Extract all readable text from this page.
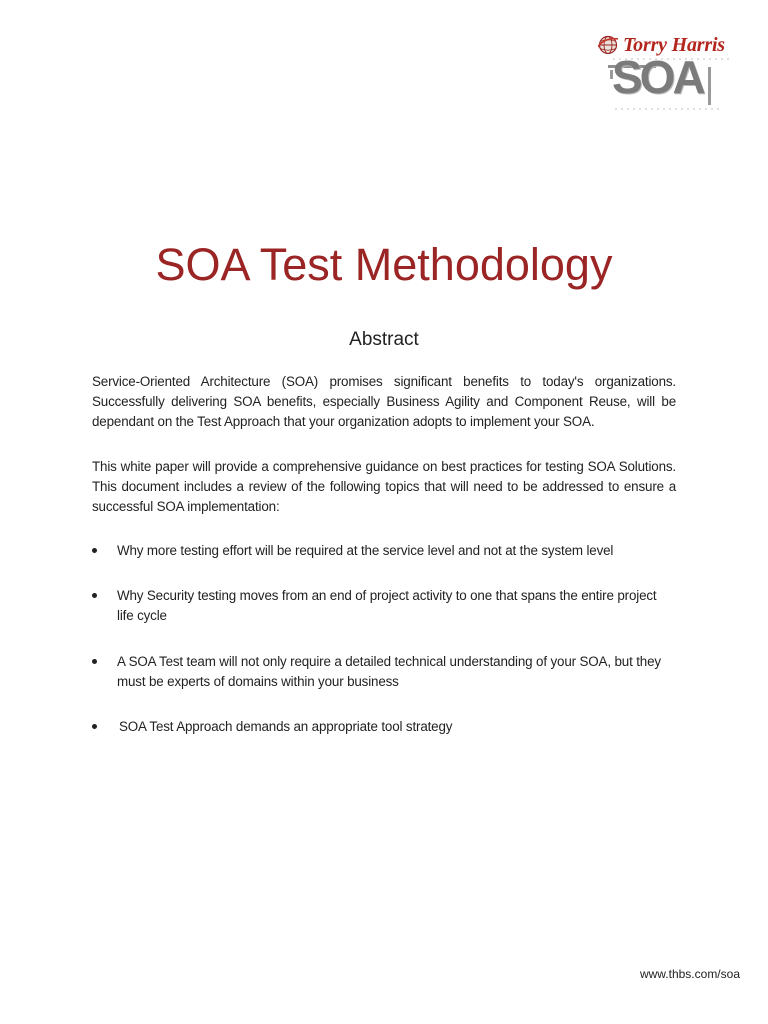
Torry Harris
SOA
SOA Test Methodology
Abstract

Service-Oriented Architecture (SOA) promises significant benefits to today's organizations. Successfully delivering SOA benefits, especially Business Agility and Component Reuse, will be dependant on the Test Approach that your organization adopts to implement your SOA.

This white paper will provide a comprehensive guidance on best practices for testing SOA Solutions. This document includes a review of the following topics that will need to be addressed to ensure a successful SOA implementation:

Why more testing effort will be required at the service level and not at the system level
Why Security testing moves from an end of project activity to one that spans the entire project life cycle
A SOA Test team will not only require a detailed technical understanding of your SOA, but they must be experts of domains within your business
SOA Test Approach demands an appropriate tool strategy
www.thbs.com/soa
